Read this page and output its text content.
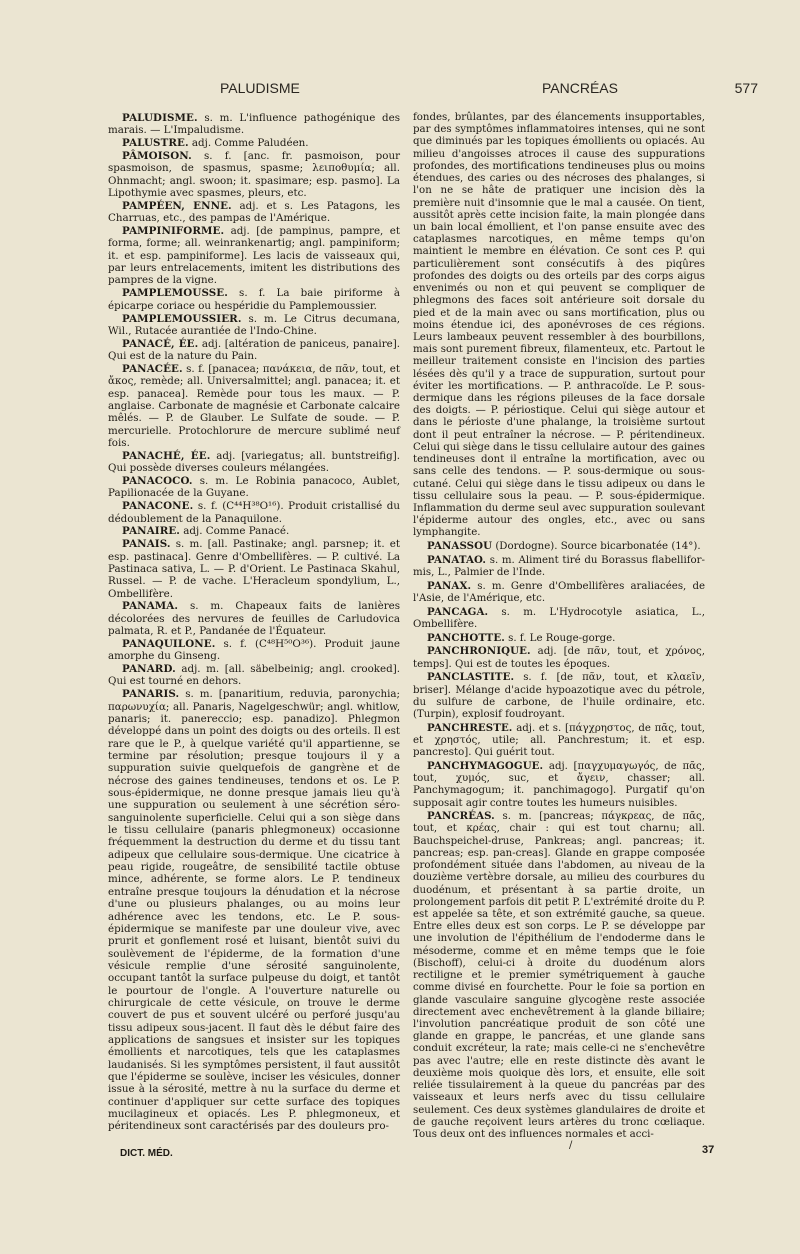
PALUDISME	PANCRÉAS	577

PALUDISME. s. m. L'influence pathogénique des marais. — L'Impaludisme.

PALUSTRE. adj. Comme Paludéen.

PÂMOISON. s. f. [anc. fr. pasmoison, pour spasmoison, de spasmus, spasme; λειποθυμία; all. Ohnmacht; angl. swoon; it. spasimare; esp. pasmo]. La Lipothymie avec spasmes, pleurs, etc.

PAMPÉEN, ENNE. adj. et s. Les Patagons, les Charruas, etc., des pampas de l'Amérique.

PAMPINIFORME. adj. [de pampinus, pampre, et forma, forme; all. weinrankenartig; angl. pampiniform; it. et esp. pampiniforme]. Les lacis de vaisseaux qui, par leurs entrelacements, imitent les distributions des pampres de la vigne.

PAMPLEMOUSSE. s. f. La baie piriforme à épicarpe coriace ou hespéridie du Pamplemoussier.

PAMPLEMOUSSIER. s. m. Le Citrus decumana, Wil., Rutacée aurantiée de l'Indo-Chine.

PANACÉ, ÉE. adj. [altération de paniceus, panaire]. Qui est de la nature du Pain.

PANACÉE. s. f. [panacea; πανάκεια, de πᾶν, tout, et ἄκος, remède; all. Universalmittel; angl. panacea; it. et esp. panacea]. Remède pour tous les maux. — P. anglaise. Carbonate de magnésie et Carbonate calcaire mêlés. — P. de Glauber. Le Sulfate de soude. — P. mercurielle. Protochlorure de mercure sublimé neuf fois.

PANACHÉ, ÉE. adj. [variegatus; all. buntstreifig]. Qui possède diverses couleurs mélangées.

PANACOCO. s. m. Le Robinia panacoco, Aublet, Papilionacée de la Guyane.

PANACONE. s. f. (C⁴⁴H³⁸O¹⁶). Produit cristallisé du dédoublement de la Panaquilone.

PANAIRE. adj. Comme Panacé.

PANAIS. s. m. [all. Pastinake; angl. parsnep; it. et esp. pastinaca]. Genre d'Ombellifères. — P. cultivé. La Pastinaca sativa, L. — P. d'Orient. Le Pastinaca Skahul, Russel. — P. de vache. L'Heracleum spondylium, L., Ombellifère.

PANAMA. s. m. Chapeaux faits de lanières décolorées des nervures de feuilles de Carludovica palmata, R. et P., Pandanée de l'Équateur.

PANAQUILONE. s. f. (C⁴⁸H⁵⁰O³⁶). Produit jaune amorphe du Ginseng.

PANARD. adj. m. [all. säbelbeinig; angl. crooked]. Qui est tourné en dehors.

PANARIS. s. m. [panaritium, reduvia, paronychia; παρωνυχία; all. Panaris, Nagelgeschwür; angl. whitlow, panaris; it. panereccio; esp. panadizo]. Phlegmon développé dans un point des doigts ou des orteils. Il est rare que le P., à quelque variété qu'il appartienne, se termine par résolution; presque toujours il y a suppuration suivie quelquefois de gangrène et de nécrose des gaines tendineuses, tendons et os. Le P. sous-épidermique, ne donne presque jamais lieu qu'à une suppuration ou seulement à une sécrétion séro-sanguinolente superficielle. Celui qui a son siège dans le tissu cellulaire (panaris phlegmoneux) occasionne fréquemment la destruction du derme et du tissu tant adipeux que cellulaire sous-dermique. Une cicatrice à peau rigide, rougeâtre, de sensibilité tactile obtuse mince, adhérente, se forme alors. Le P. tendineux entraîne presque toujours la dénudation et la nécrose d'une ou plusieurs phalanges, ou au moins leur adhérence avec les tendons, etc. Le P. sous-épidermique se manifeste par une douleur vive, avec prurit et gonflement rosé et luisant, bientôt suivi du soulèvement de l'épiderme, de la formation d'une vésicule remplie d'une sérosité sanguinolente, occupant tantôt la surface pulpeuse du doigt, et tantôt le pourtour de l'ongle. A l'ouverture naturelle ou chirurgicale de cette vésicule, on trouve le derme couvert de pus et souvent ulcéré ou perforé jusqu'au tissu adipeux sous-jacent. Il faut dès le début faire des applications de sangsues et insister sur les topiques émollients et narcotiques, tels que les cataplasmes laudanisés. Si les symptômes persistent, il faut aussitôt que l'épiderme se soulève, inciser les vésicules, donner issue à la sérosité, mettre à nu la surface du derme et continuer d'appliquer sur cette surface des topiques mucilagineux et opiacés. Les P. phlegmoneux, et péritendineux sont caractérisés par des douleurs pro-

fondes, brûlantes, par des élancements insupportables, par des symptômes inflammatoires intenses, qui ne sont que diminués par les topiques émollients ou opiacés. Au milieu d'angoisses atroces il cause des suppurations profondes, des mortifications tendineuses plus ou moins étendues, des caries ou des nécroses des phalanges, si l'on ne se hâte de pratiquer une incision dès la première nuit d'insomnie que le mal a causée. On tient, aussitôt après cette incision faite, la main plongée dans un bain local émollient, et l'on panse ensuite avec des cataplasmes narcotiques, en même temps qu'on maintient le membre en élévation. Ce sont ces P. qui particulièrement sont consécutifs à des piqûres profondes des doigts ou des orteils par des corps aigus envenimés ou non et qui peuvent se compliquer de phlegmons des faces soit antérieure soit dorsale du pied et de la main avec ou sans mortification, plus ou moins étendue ici, des aponévroses de ces régions. Leurs lambeaux peuvent ressembler à des bourbillons, mais sont purement fibreux, filamenteux, etc. Partout le meilleur traitement consiste en l'incision des parties lésées dès qu'il y a trace de suppuration, surtout pour éviter les mortifications. — P. anthracoïde. Le P. sous-dermique dans les régions pileuses de la face dorsale des doigts. — P. périostique. Celui qui siège autour et dans le périoste d'une phalange, la troisième surtout dont il peut entraîner la nécrose. — P. péritendineux. Celui qui siège dans le tissu cellulaire autour des gaines tendineuses dont il entraîne la mortification, avec ou sans celle des tendons. — P. sous-dermique ou sous-cutané. Celui qui siège dans le tissu adipeux ou dans le tissu cellulaire sous la peau. — P. sous-épidermique. Inflammation du derme seul avec suppuration soulevant l'épiderme autour des ongles, etc., avec ou sans lymphangite.

PANASSOU (Dordogne). Source bicarbonatée (14°).

PANATAO. s. m. Aliment tiré du Borassus flabellifor-mis, L., Palmier de l'Inde.

PANAX. s. m. Genre d'Ombellifères araliacées, de l'Asie, de l'Amérique, etc.

PANCAGA. s. m. L'Hydrocotyle asiatica, L., Ombellifère.

PANCHOTTE. s. f. Le Rouge-gorge.

PANCHRONIQUE. adj. [de πᾶν, tout, et χρόνος, temps]. Qui est de toutes les époques.

PANCLASTITE. s. f. [de πᾶν, tout, et κλαεῖν, briser]. Mélange d'acide hypoazotique avec du pétrole, du sulfure de carbone, de l'huile ordinaire, etc. (Turpin), explosif foudroyant.

PANCHRESTE. adj. et s. [πάγχρηστος, de πᾶς, tout, et χρηστός, utile; all. Panchrestum; it. et esp. pancresto]. Qui guérit tout.

PANCHYMAGOGUE. adj. [παγχυμαγωγός, de πᾶς, tout, χυμός, suc, et ἄγειν, chasser; all. Panchymagogum; it. panchimagogo]. Purgatif qu'on supposait agir contre toutes les humeurs nuisibles.

PANCRÉAS. s. m. [pancreas; πάγκρεας, de πᾶς, tout, et κρέας, chair : qui est tout charnu; all. Bauchspeichel-druse, Pankreas; angl. pancreas; it. pancreas; esp. pan-creas]. Glande en grappe composée profondément située dans l'abdomen, au niveau de la douzième vertèbre dorsale, au milieu des courbures du duodénum, et présentant à sa partie droite, un prolongement parfois dit petit P. L'extrémité droite du P. est appelée sa tête, et son extrémité gauche, sa queue. Entre elles deux est son corps. Le P. se développe par une involution de l'épithélium de l'endoderme dans le mésoderme, comme et en même temps que le foie (Bischoff), celui-ci à droite du duodénum alors rectiligne et le premier symétriquement à gauche comme divisé en fourchette. Pour le foie sa portion en glande vasculaire sanguine glycogène reste associée directement avec enchevêtrement à la glande biliaire; l'involution pancréatique produit de son côté une glande en grappe, le pancréas, et une glande sans conduit excréteur, la rate; mais celle-ci ne s'enchevêtre pas avec l'autre; elle en reste distincte dès avant le deuxième mois quoique dès lors, et ensuite, elle soit reliée tissulairement à la queue du pancréas par des vaisseaux et leurs nerfs avec du tissu cellulaire seulement. Ces deux systèmes glandulaires de droite et de gauche reçoivent leurs artères du tronc cœliaque. Tous deux ont des influences normales et acci-

DICT. MÉD.
/	37
